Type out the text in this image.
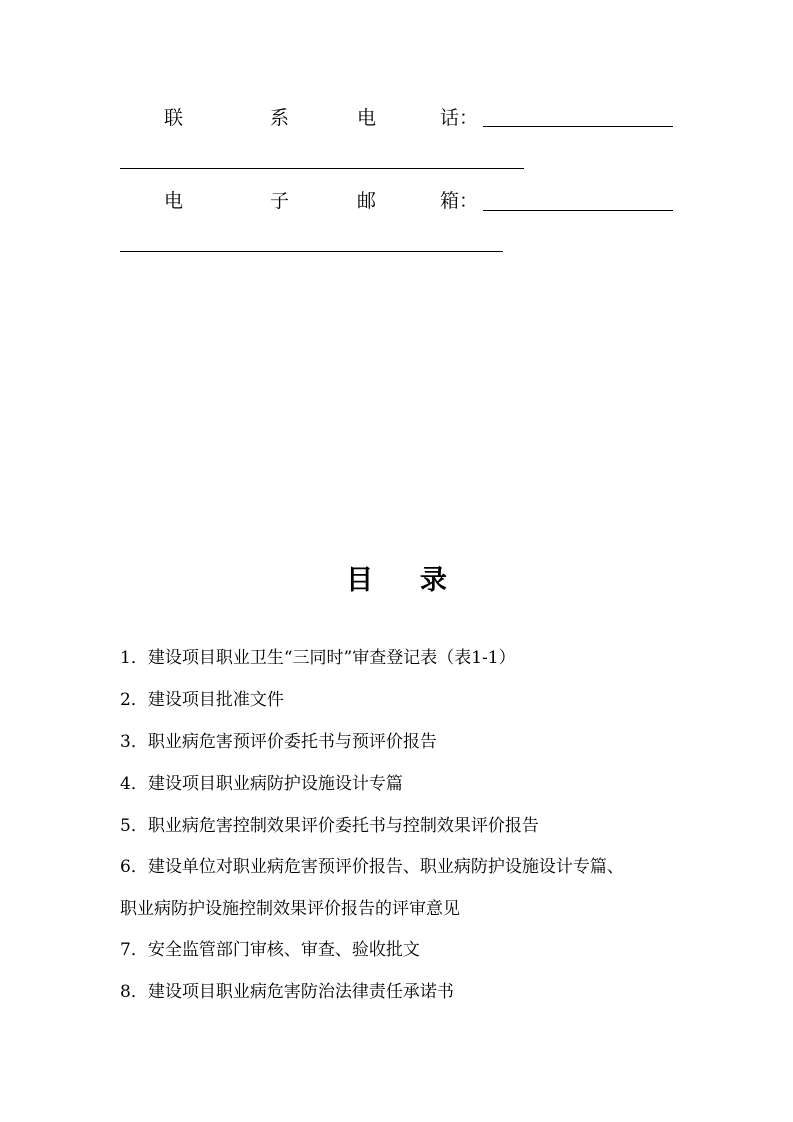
联	系	电	话：
电	子	邮	箱：
目 录
1．建设项目职业卫生“三同时”审查登记表（表1-1）
2．建设项目批准文件
3．职业病危害预评价委托书与预评价报告
4．建设项目职业病防护设施设计专篇
5．职业病危害控制效果评价委托书与控制效果评价报告
6．建设单位对职业病危害预评价报告、职业病防护设施设计专篇、
职业病防护设施控制效果评价报告的评审意见
7．安全监管部门审核、审查、验收批文
8．建设项目职业病危害防治法律责任承诺书
